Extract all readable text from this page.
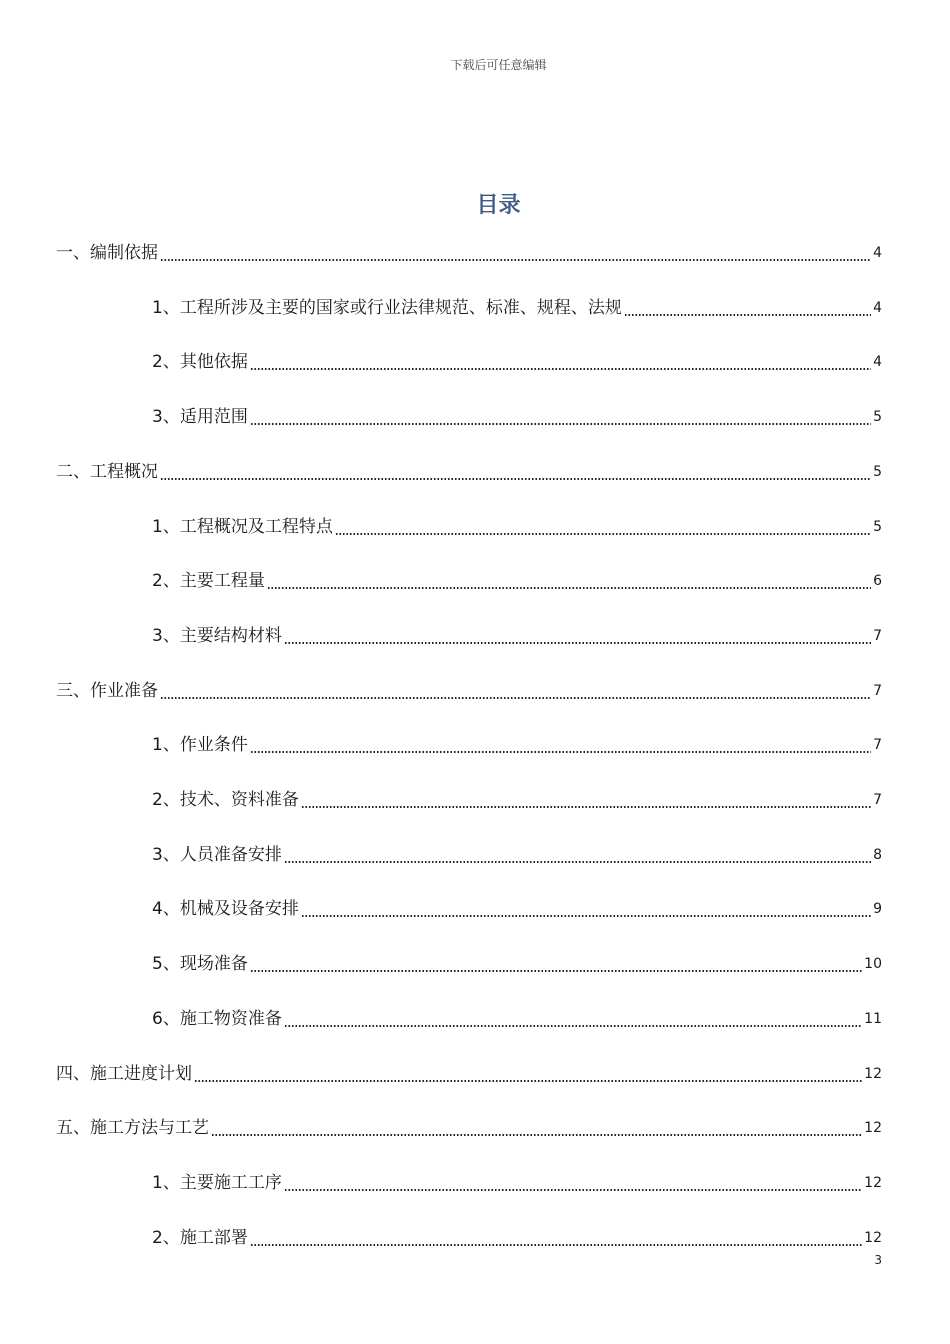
下载后可任意编辑
目录
一、编制依据	4
1、工程所涉及主要的国家或行业法律规范、标准、规程、法规	4
2、其他依据	4
3、适用范围	5
二、工程概况	5
1、工程概况及工程特点	5
2、主要工程量	6
3、主要结构材料	7
三、作业准备	7
1、作业条件	7
2、技术、资料准备	7
3、人员准备安排	8
4、机械及设备安排	9
5、现场准备	10
6、施工物资准备	11
四、施工进度计划	12
五、施工方法与工艺	12
1、主要施工工序	12
2、施工部署	12
3
